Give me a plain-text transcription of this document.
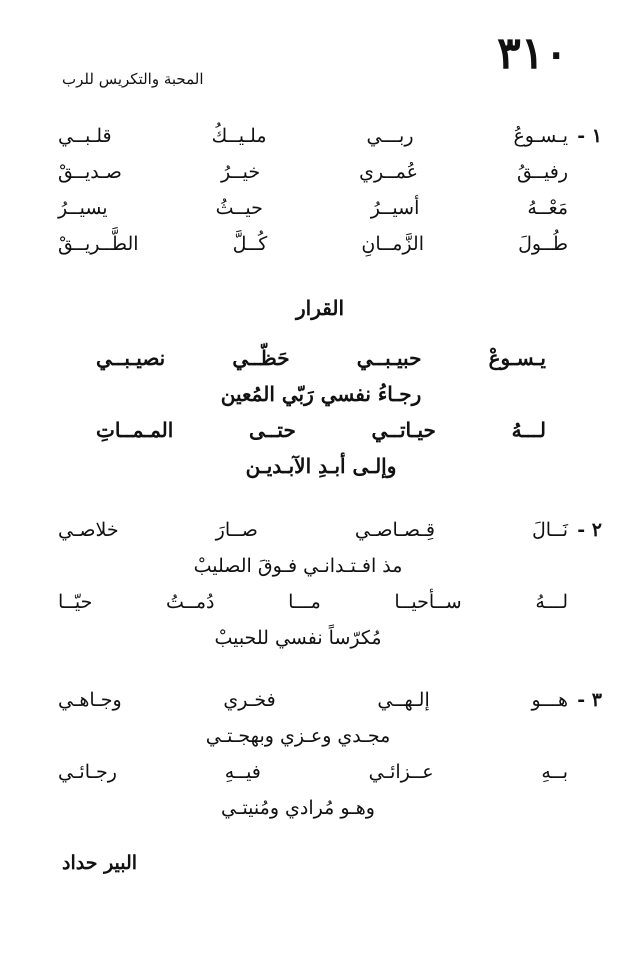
٣١٠
المحبة والتكريس للرب
١ -
يـسـوعُ ربـــي ملـيــكُ قلـبــي
رفيــقُ عُمــري خيــرُ صـديــقْ
مَعْــهُ أسيــرُ حيــثُ يسيــرُ
طُــولَ الزَّمــانِ كُــلَّ الطَّــريــقْ
القرار
يـسـوعْ حبيـبــي حَظّــي نصيـبــي
رجـاءُ نفسي رَبّي المُعين
لـــهُ حيـاتــي حتــى المـمــاتِ
وإلـى أبـدِ الآبـديـن
٢ -
نَــالَ قِـصـاصـي صــارَ خلاصـي
مذ افـتـدانـي فـوقَ الصليبْ
لـــهُ ســأحيــا مـــا دُمــتُ حيّــا
مُكرّساً نفسي للحبيبْ
٣ -
هـــو إلـهــي فخـري وجـاهـي
مجـدي وعـزي وبهجـتـي
بــهِ عــزائـي فيــهِ رجـائـي
وهـو مُرادي ومُنيتـي
البير حداد
